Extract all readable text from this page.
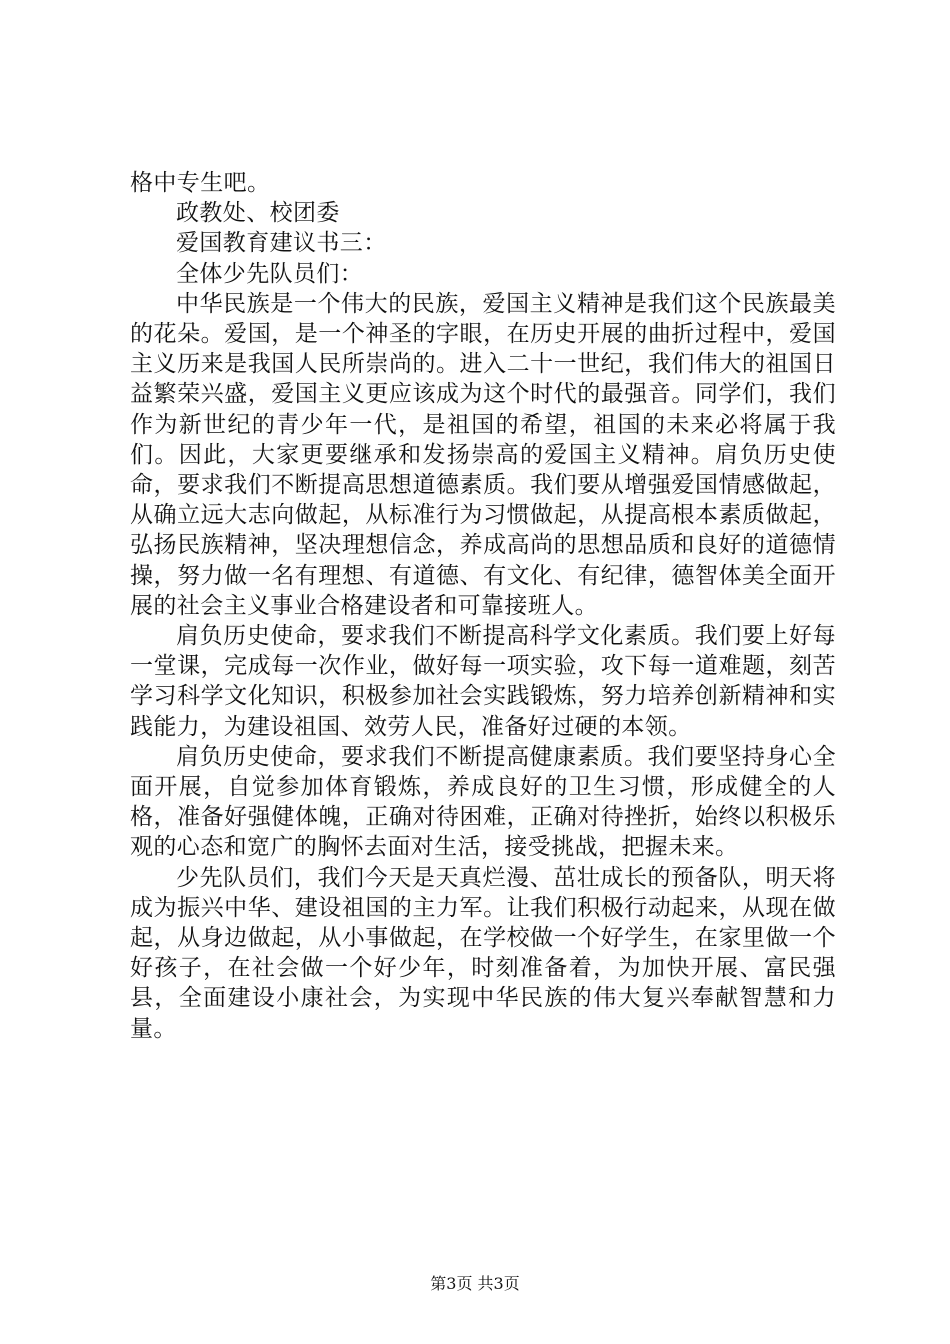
格中专生吧。

政教处、校团委

爱国教育建议书三：

全体少先队员们：

中华民族是一个伟大的民族，爱国主义精神是我们这个民族最美的花朵。爱国，是一个神圣的字眼，在历史开展的曲折过程中，爱国主义历来是我国人民所崇尚的。进入二十一世纪，我们伟大的祖国日益繁荣兴盛，爱国主义更应该成为这个时代的最强音。同学们，我们作为新世纪的青少年一代，是祖国的希望，祖国的未来必将属于我们。因此，大家更要继承和发扬崇高的爱国主义精神。肩负历史使命，要求我们不断提高思想道德素质。我们要从增强爱国情感做起，从确立远大志向做起，从标准行为习惯做起，从提高根本素质做起，弘扬民族精神，坚决理想信念，养成高尚的思想品质和良好的道德情操，努力做一名有理想、有道德、有文化、有纪律，德智体美全面开展的社会主义事业合格建设者和可靠接班人。

肩负历史使命，要求我们不断提高科学文化素质。我们要上好每一堂课，完成每一次作业，做好每一项实验，攻下每一道难题，刻苦学习科学文化知识，积极参加社会实践锻炼，努力培养创新精神和实践能力，为建设祖国、效劳人民，准备好过硬的本领。

肩负历史使命，要求我们不断提高健康素质。我们要坚持身心全面开展，自觉参加体育锻炼，养成良好的卫生习惯，形成健全的人格，准备好强健体魄，正确对待困难，正确对待挫折，始终以积极乐观的心态和宽广的胸怀去面对生活，接受挑战，把握未来。

少先队员们，我们今天是天真烂漫、茁壮成长的预备队，明天将成为振兴中华、建设祖国的主力军。让我们积极行动起来，从现在做起，从身边做起，从小事做起，在学校做一个好学生，在家里做一个好孩子，在社会做一个好少年，时刻准备着，为加快开展、富民强县，全面建设小康社会，为实现中华民族的伟大复兴奉献智慧和力量。

第3页 共3页
